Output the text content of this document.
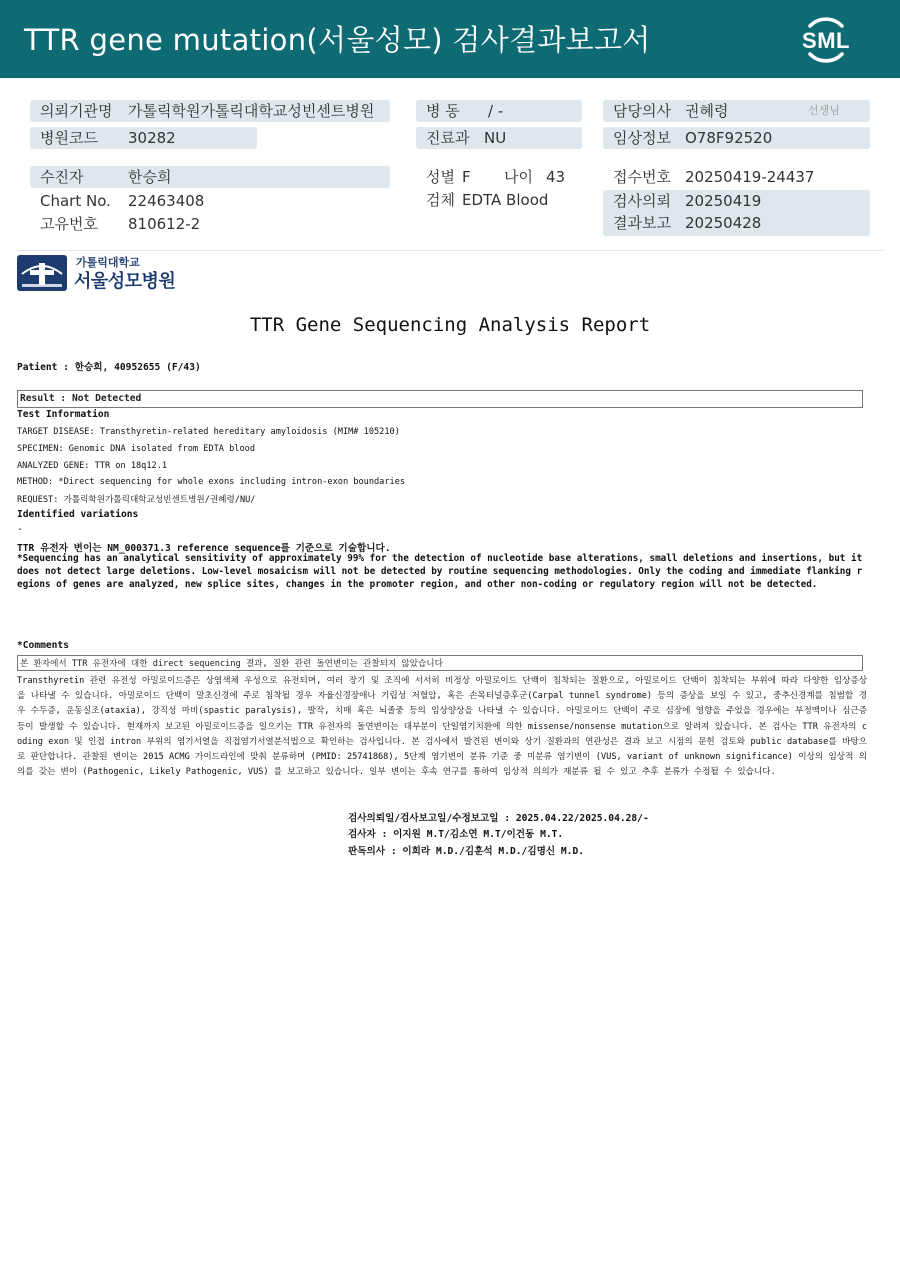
TTR gene mutation(서울성모) 검사결과보고서	SML
의뢰기관명 가톨릭학원가톨릭대학교성빈센트병원
병원코드 30282
수진자	한승희
Chart No. 22463408
고유번호 810612-2
병 동 / -
진료과 NU
성별 F 나이 43
검체 EDTA Blood
담당의사 권혜령	선생님
임상정보 O78F92520
접수번호 20250419-24437
검사의뢰 20250419
결과보고 20250428
가톨릭대학교
서울성모병원
TTR Gene Sequencing Analysis Report
Patient : 한승희, 40952655 (F/43)
Result : Not Detected
Test Information
TARGET DISEASE: Transthyretin-related hereditary amyloidosis (MIM# 105210)
SPECIMEN: Genomic DNA isolated from EDTA blood
ANALYZED GENE: TTR on 18q12.1
METHOD: *Direct sequencing for whole exons including intron-exon boundaries
REQUEST: 가톨릭학원가톨릭대학교성빈센트병원/권혜령/NU/
Identified variations
-
TTR 유전자 변이는 NM_000371.3 reference sequence를 기준으로 기술합니다.
*Sequencing has an analytical sensitivity of approximately 99% for the detection of nucleotide base alterations, small deletions and insertions, but it does not detect large deletions. Low-level mosaicism will not be detected by routine sequencing methodologies. Only the coding and immediate flanking regions of genes are analyzed, new splice sites, changes in the promoter region, and other non-coding or regulatory region will not be detected.
*Comments
본 환자에서 TTR 유전자에 대한 direct sequencing 결과, 질환 관련 돌연변이는 관찰되지 않았습니다
Transthyretin 관련 유전성 아밀로이드증은 상염색체 우성으로 유전되며, 여러 장기 및 조직에 서서히 비정상 아밀로이드 단백이 침착되는 질환으로, 아밀로이드 단백이 침착되는 부위에 따라 다양한 임상증상을 나타낼 수 있습니다. 아밀로이드 단백이 말초신경에 주로 침착될 경우 자율신경장애나 기립성 저혈압, 혹은 손목터널증후군(Carpal tunnel syndrome) 등의 증상을 보일 수 있고, 중추신경계를 침범할 경우 수두증, 운동실조(ataxia), 강직성 마비(spastic paralysis), 발작, 치매 혹은 뇌졸중 등의 임상양상을 나타낼 수 있습니다. 아밀로이드 단백이 주로 심장에 영향을 주었을 경우에는 부정맥이나 심근증 등이 발생할 수 있습니다. 현재까지 보고된 아밀로이드증을 일으키는 TTR 유전자의 돌연변이는 대부분이 단일염기치환에 의한 missense/nonsense mutation으로 알려져 있습니다. 본 검사는 TTR 유전자의 coding exon 및 인접 intron 부위의 염기서열을 직접염기서열분석법으로 확인하는 검사입니다. 본 검사에서 발견된 변이와 상기 질환과의 연관성은 결과 보고 시점의 문헌 검토와 public database를 바탕으로 판단합니다. 관찰된 변이는 2015 ACMG 가이드라인에 맞춰 분류하며 (PMID: 25741868), 5단계 염기변이 분류 기준 중 미분류 염기변이 (VUS, variant of unknown significance) 이상의 임상적 의의를 갖는 변이 (Pathogenic, Likely Pathogenic, VUS) 를 보고하고 있습니다. 일부 변이는 후속 연구를 통하여 임상적 의의가 재분류 될 수 있고 추후 분류가 수정될 수 있습니다.
검사의뢰일/검사보고일/수정보고일 : 2025.04.22/2025.04.28/-
검사자 : 이지원 M.T/김소연 M.T/이건동 M.T.
판독의사 : 이희라 M.D./김훈석 M.D./김명신 M.D.
